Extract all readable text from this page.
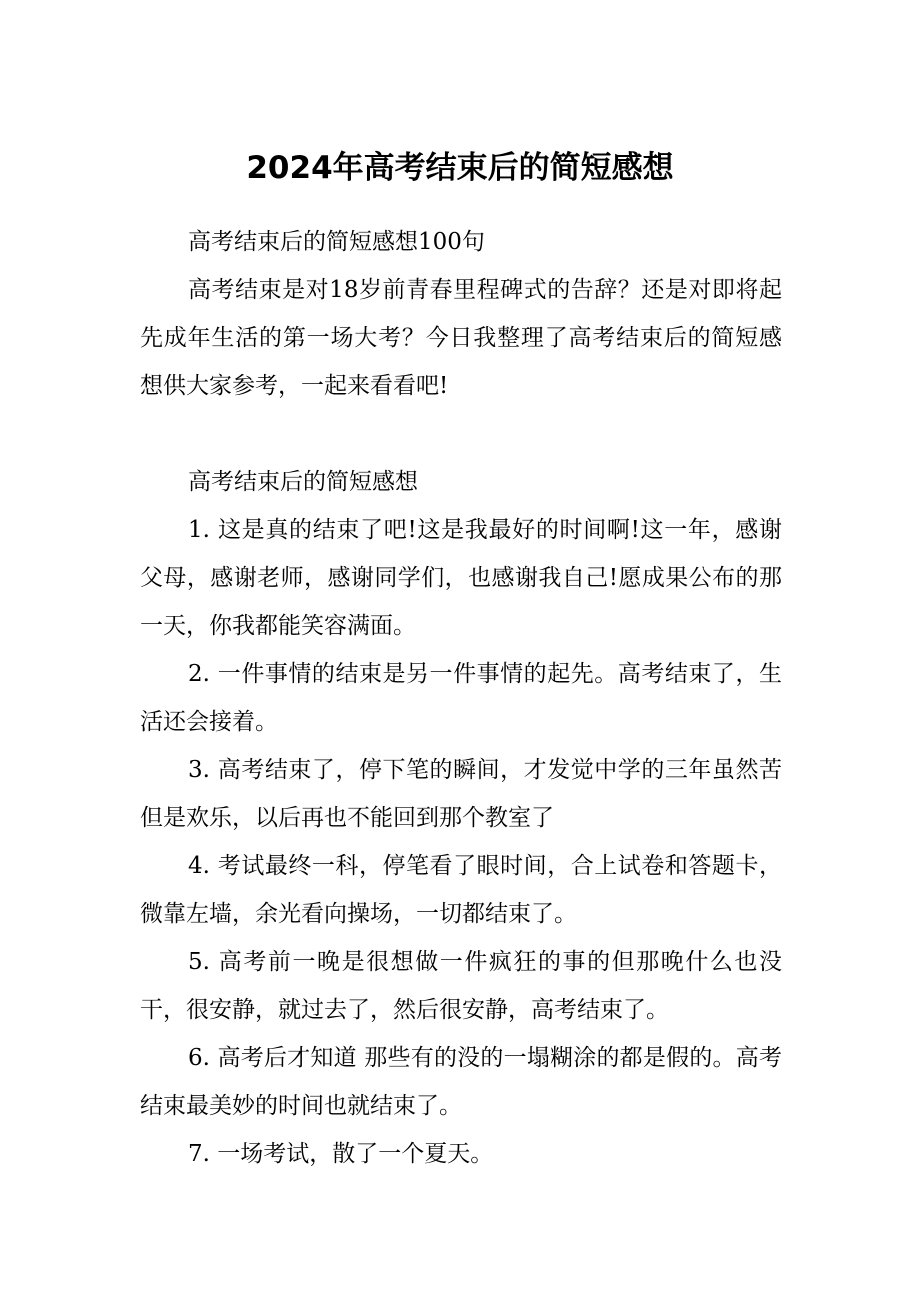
2024年高考结束后的简短感想

高考结束后的简短感想100句

高考结束是对18岁前青春里程碑式的告辞？还是对即将起先成年生活的第一场大考？今日我整理了高考结束后的简短感想供大家参考，一起来看看吧!

高考结束后的简短感想

1. 这是真的结束了吧!这是我最好的时间啊!这一年，感谢父母，感谢老师，感谢同学们，也感谢我自己!愿成果公布的那一天，你我都能笑容满面。

2. 一件事情的结束是另一件事情的起先。高考结束了，生活还会接着。

3. 高考结束了，停下笔的瞬间，才发觉中学的三年虽然苦但是欢乐，以后再也不能回到那个教室了

4. 考试最终一科，停笔看了眼时间，合上试卷和答题卡，微靠左墙，余光看向操场，一切都结束了。

5. 高考前一晚是很想做一件疯狂的事的但那晚什么也没干，很安静，就过去了，然后很安静，高考结束了。

6. 高考后才知道 那些有的没的一塌糊涂的都是假的。高考结束最美妙的时间也就结束了。

7. 一场考试，散了一个夏天。
